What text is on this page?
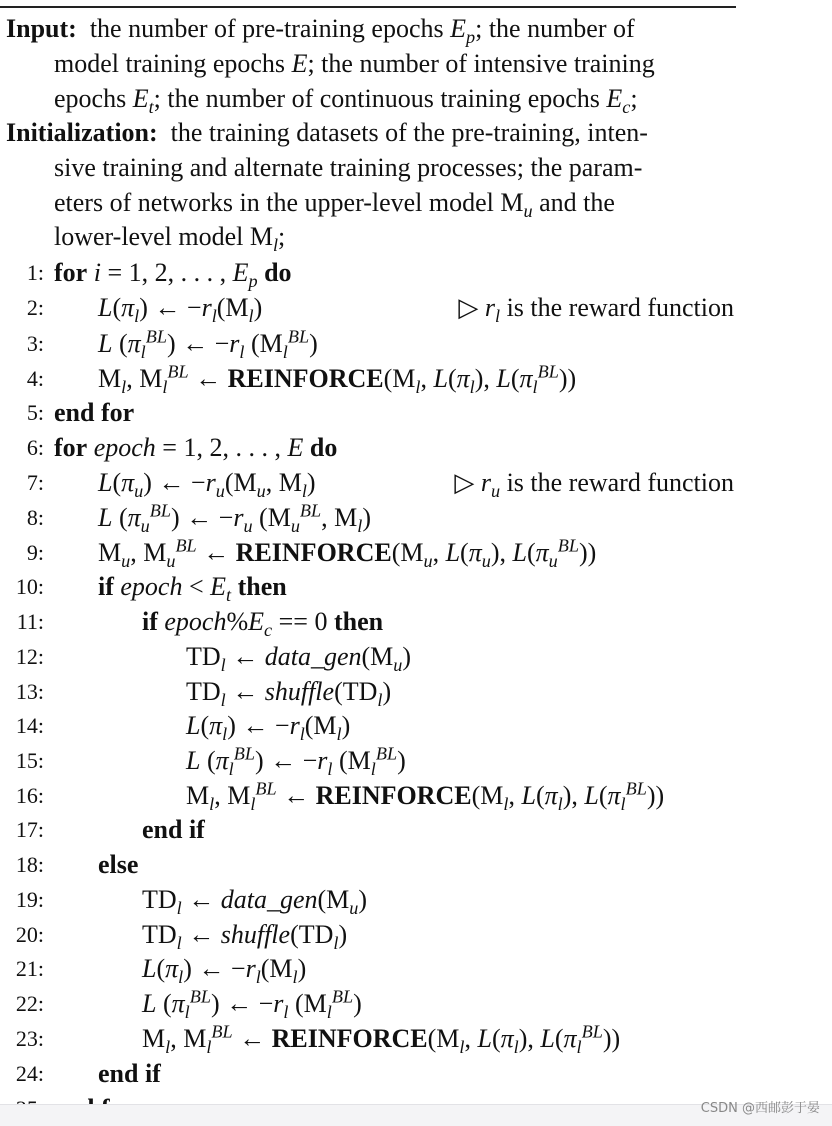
Input:  the number of pre-training epochs $E_p$; the number of
model training epochs E; the number of intensive training
epochs $E_t$; the number of continuous training epochs $E_c$;
Initialization:  the training datasets of the pre-training, inten-
sive training and alternate training processes; the param-
eters of networks in the upper-level model $M_u$ and the
lower-level model $M_l$;
1: for i = 1, 2, . . . , $E_p$ do
2: $L(\pi_l)$ ← $-r_l(M_l)$	▷ $r_l$ is the reward function
3: L $(\pi_l^{BL})$ ← $-r_l$ $(M_l^{BL})$
4: $M_l$, $M_l^{BL}$ ← $REINFORCE(M_l$, $L(\pi_l)$, $L(\pi_l^{BL})$)
5: end for
6: for epoch = 1, 2, . . . , E do
7: $L(\pi_u)$ ← $-r_u(M_u$, $M_l$)	▷ $r_u$ is the reward function
8: L $(\pi_u^{BL})$ ← $-r_u$ ($M_u^{BL}$, $M_l$)
9: $M_u$, $M_u^{BL}$ ← $REINFORCE(M_u$, $L(\pi_u)$, $L(\pi_u^{BL})$)
10: if epoch < $E_t$ then
11:	if $epoch\%E_c == 0$ then
12:	$TD_l$ ← $data\_gen(M_u)$
13:	$TD_l$ ← $shuffle(TD_l)$
14:	$L(\pi_l)$ ← $-r_l(M_l)$
15:	L $(\pi_l^{BL})$ ← $-r_l$ $(M_l^{BL})$
16:	$M_l$, $M_l^{BL}$ ← $REINFORCE(M_l$, $L(\pi_l)$, $L(\pi_l^{BL})$)
17:	end if
18: else
19:	$TD_l$ ← $data\_gen(M_u)$
20:	$TD_l$ ← $shuffle(TD_l)$
21:	$L(\pi_l)$ ← $-r_l(M_l)$
22:	L $(\pi_l^{BL})$ ← $-r_l$ $(M_l^{BL})$
23:	$M_l$, $M_l^{BL}$ ← $REINFORCE(M_l$, $L(\pi_l)$, $L(\pi_l^{BL})$)
24: end if
CSDN @西邮彭于晏
